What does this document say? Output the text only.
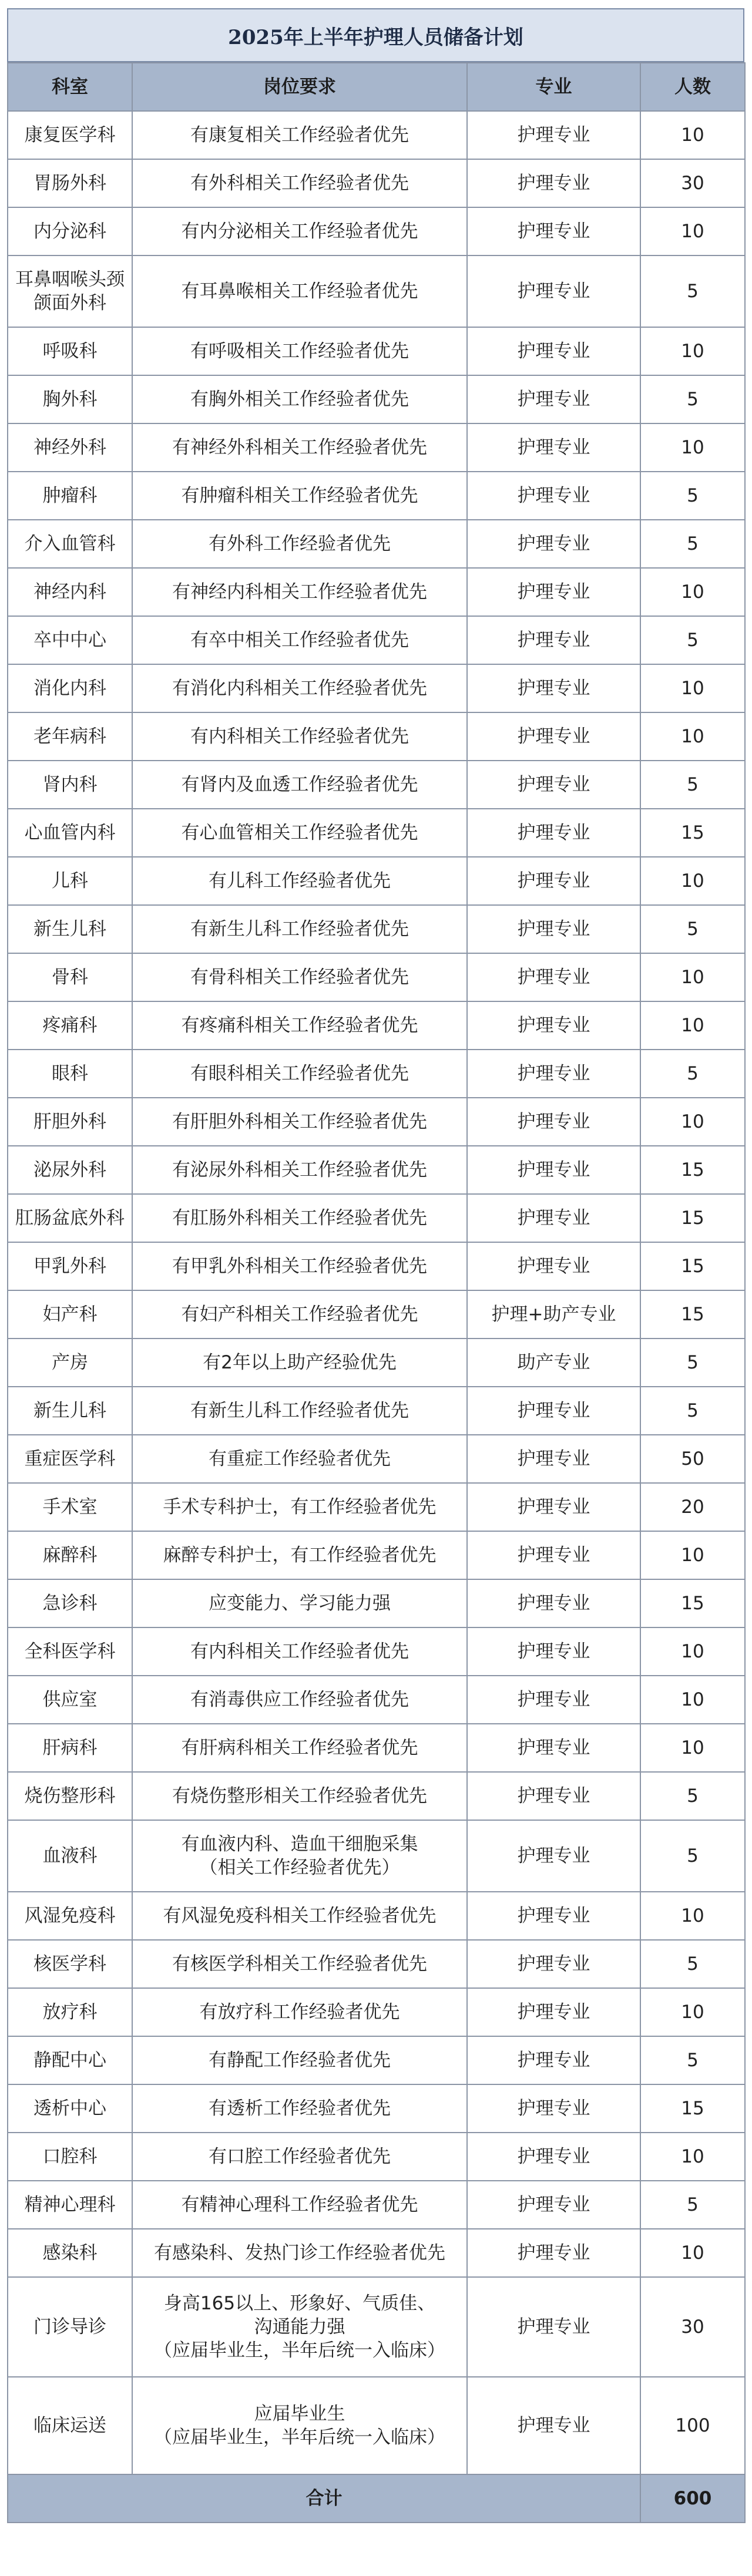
2025年上半年护理人员储备计划
科室	岗位要求	专业	人数
康复医学科	有康复相关工作经验者优先	护理专业	10
胃肠外科	有外科相关工作经验者优先	护理专业	30
内分泌科	有内分泌相关工作经验者优先	护理专业	10
耳鼻咽喉头颈
颌面外科	有耳鼻喉相关工作经验者优先	护理专业	5
呼吸科	有呼吸相关工作经验者优先	护理专业	10
胸外科	有胸外相关工作经验者优先	护理专业	5
神经外科	有神经外科相关工作经验者优先	护理专业	10
肿瘤科	有肿瘤科相关工作经验者优先	护理专业	5
介入血管科	有外科工作经验者优先	护理专业	5
神经内科	有神经内科相关工作经验者优先	护理专业	10
卒中中心	有卒中相关工作经验者优先	护理专业	5
消化内科	有消化内科相关工作经验者优先	护理专业	10
老年病科	有内科相关工作经验者优先	护理专业	10
肾内科	有肾内及血透工作经验者优先	护理专业	5
心血管内科	有心血管相关工作经验者优先	护理专业	15
儿科	有儿科工作经验者优先	护理专业	10
新生儿科	有新生儿科工作经验者优先	护理专业	5
骨科	有骨科相关工作经验者优先	护理专业	10
疼痛科	有疼痛科相关工作经验者优先	护理专业	10
眼科	有眼科相关工作经验者优先	护理专业	5
肝胆外科	有肝胆外科相关工作经验者优先	护理专业	10
泌尿外科	有泌尿外科相关工作经验者优先	护理专业	15
肛肠盆底外科	有肛肠外科相关工作经验者优先	护理专业	15
甲乳外科	有甲乳外科相关工作经验者优先	护理专业	15
妇产科	有妇产科相关工作经验者优先	护理+助产专业	15
产房	有2年以上助产经验优先	助产专业	5
新生儿科	有新生儿科工作经验者优先	护理专业	5
重症医学科	有重症工作经验者优先	护理专业	50
手术室	手术专科护士，有工作经验者优先	护理专业	20
麻醉科	麻醉专科护士，有工作经验者优先	护理专业	10
急诊科	应变能力、学习能力强	护理专业	15
全科医学科	有内科相关工作经验者优先	护理专业	10
供应室	有消毒供应工作经验者优先	护理专业	10
肝病科	有肝病科相关工作经验者优先	护理专业	10
烧伤整形科	有烧伤整形相关工作经验者优先	护理专业	5
血液科	有血液内科、造血干细胞采集
（相关工作经验者优先）	护理专业	5
风湿免疫科	有风湿免疫科相关工作经验者优先	护理专业	10
核医学科	有核医学科相关工作经验者优先	护理专业	5
放疗科	有放疗科工作经验者优先	护理专业	10
静配中心	有静配工作经验者优先	护理专业	5
透析中心	有透析工作经验者优先	护理专业	15
口腔科	有口腔工作经验者优先	护理专业	10
精神心理科	有精神心理科工作经验者优先	护理专业	5
感染科	有感染科、发热门诊工作经验者优先	护理专业	10
门诊导诊	身高165以上、形象好、气质佳、
沟通能力强
（应届毕业生，半年后统一入临床）	护理专业	30
临床运送	应届毕业生
（应届毕业生，半年后统一入临床）	护理专业	100
合计			600
